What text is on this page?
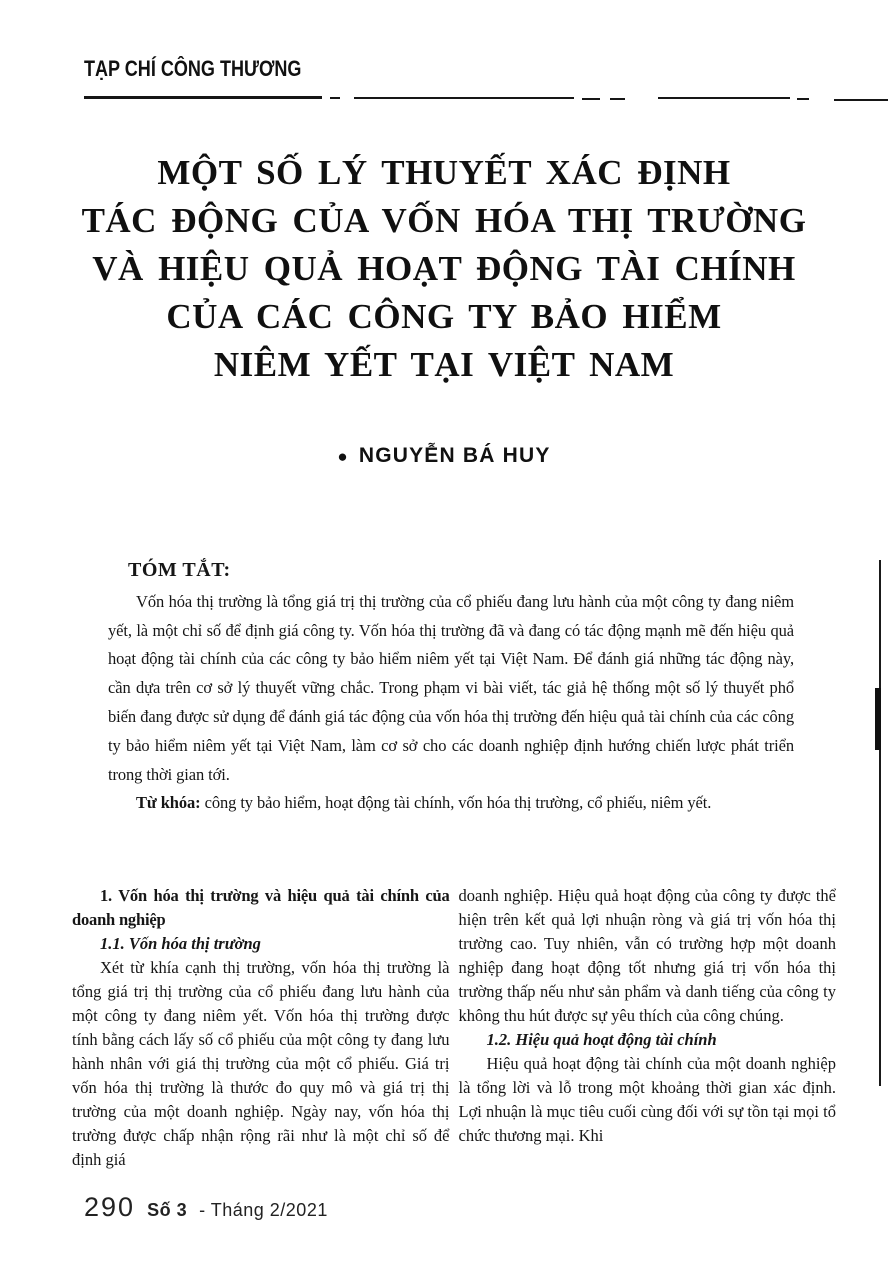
TẠP CHÍ CÔNG THƯƠNG
MỘT SỐ LÝ THUYẾT XÁC ĐỊNH
TÁC ĐỘNG CỦA VỐN HÓA THỊ TRƯỜNG
VÀ HIỆU QUẢ HOẠT ĐỘNG TÀI CHÍNH
CỦA CÁC CÔNG TY BẢO HIỂM
NIÊM YẾT TẠI VIỆT NAM
● NGUYỄN BÁ HUY
TÓM TẮT:

Vốn hóa thị trường là tổng giá trị thị trường của cổ phiếu đang lưu hành của một công ty đang niêm yết, là một chỉ số để định giá công ty. Vốn hóa thị trường đã và đang có tác động mạnh mẽ đến hiệu quả hoạt động tài chính của các công ty bảo hiểm niêm yết tại Việt Nam. Để đánh giá những tác động này, cần dựa trên cơ sở lý thuyết vững chắc. Trong phạm vi bài viết, tác giả hệ thống một số lý thuyết phổ biến đang được sử dụng để đánh giá tác động của vốn hóa thị trường đến hiệu quả tài chính của các công ty bảo hiểm niêm yết tại Việt Nam, làm cơ sở cho các doanh nghiệp định hướng chiến lược phát triển trong thời gian tới.

Từ khóa: công ty bảo hiểm, hoạt động tài chính, vốn hóa thị trường, cổ phiếu, niêm yết.

1. Vốn hóa thị trường và hiệu quả tài chính của doanh nghiệp

1.1. Vốn hóa thị trường

Xét từ khía cạnh thị trường, vốn hóa thị trường là tổng giá trị thị trường của cổ phiếu đang lưu hành của một công ty đang niêm yết. Vốn hóa thị trường được tính bằng cách lấy số cổ phiếu của một công ty đang lưu hành nhân với giá thị trường của một cổ phiếu. Giá trị vốn hóa thị trường là thước đo quy mô và giá trị thị trường của một doanh nghiệp. Ngày nay, vốn hóa thị trường được chấp nhận rộng rãi như là một chỉ số để định giá

doanh nghiệp. Hiệu quả hoạt động của công ty được thể hiện trên kết quả lợi nhuận ròng và giá trị vốn hóa thị trường cao. Tuy nhiên, vẫn có trường hợp một doanh nghiệp đang hoạt động tốt nhưng giá trị vốn hóa thị trường thấp nếu như sản phẩm và danh tiếng của công ty không thu hút được sự yêu thích của công chúng.

1.2. Hiệu quả hoạt động tài chính

Hiệu quả hoạt động tài chính của một doanh nghiệp là tổng lời và lỗ trong một khoảng thời gian xác định. Lợi nhuận là mục tiêu cuối cùng đối với sự tồn tại mọi tổ chức thương mại. Khi

290 Số 3 - Tháng 2/2021
